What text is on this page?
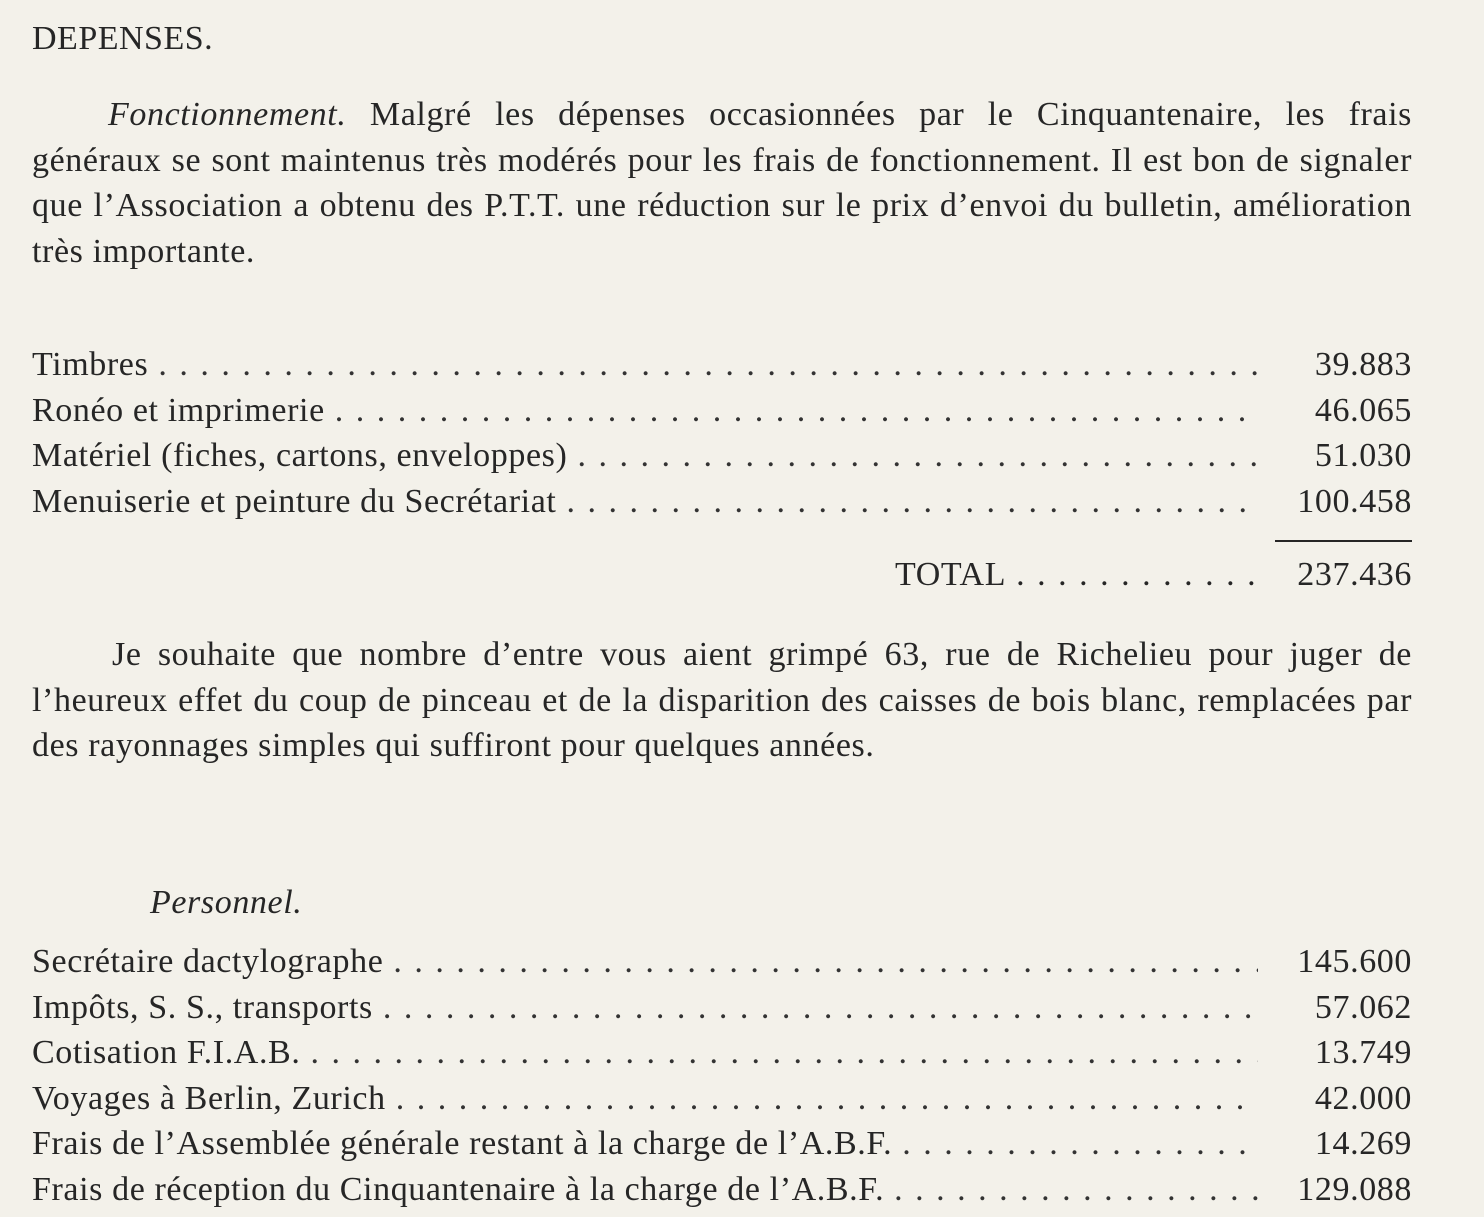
DEPENSES.

Fonctionnement. Malgré les dépenses occasionnées par le Cinquantenaire, les frais généraux se sont maintenus très modérés pour les frais de fonctionnement. Il est bon de signaler que l’Association a obtenu des P.T.T. une réduction sur le prix d’envoi du bulletin, amélioration très importante.

Timbres . . .	39.883
Ronéo et imprimerie . . .	46.065
Matériel (fiches, cartons, enveloppes) . . .	51.030
Menuiserie et peinture du Secrétariat . . .	100.458
TOTAL . . .	237.436

Je souhaite que nombre d’entre vous aient grimpé 63, rue de Richelieu pour juger de l’heureux effet du coup de pinceau et de la disparition des caisses de bois blanc, remplacées par des rayonnages simples qui suffiront pour quelques années.

Personnel.
Secrétaire dactylographe . . .	145.600
Impôts, S. S., transports . . .	57.062
Cotisation F.I.A.B. . . .	13.749
Voyages à Berlin, Zurich . . .	42.000
Frais de l’Assemblée générale restant à la charge de l’A.B.F. . . .	14.269
Frais de réception du Cinquantenaire à la charge de l’A.B.F. . . .	129.088
